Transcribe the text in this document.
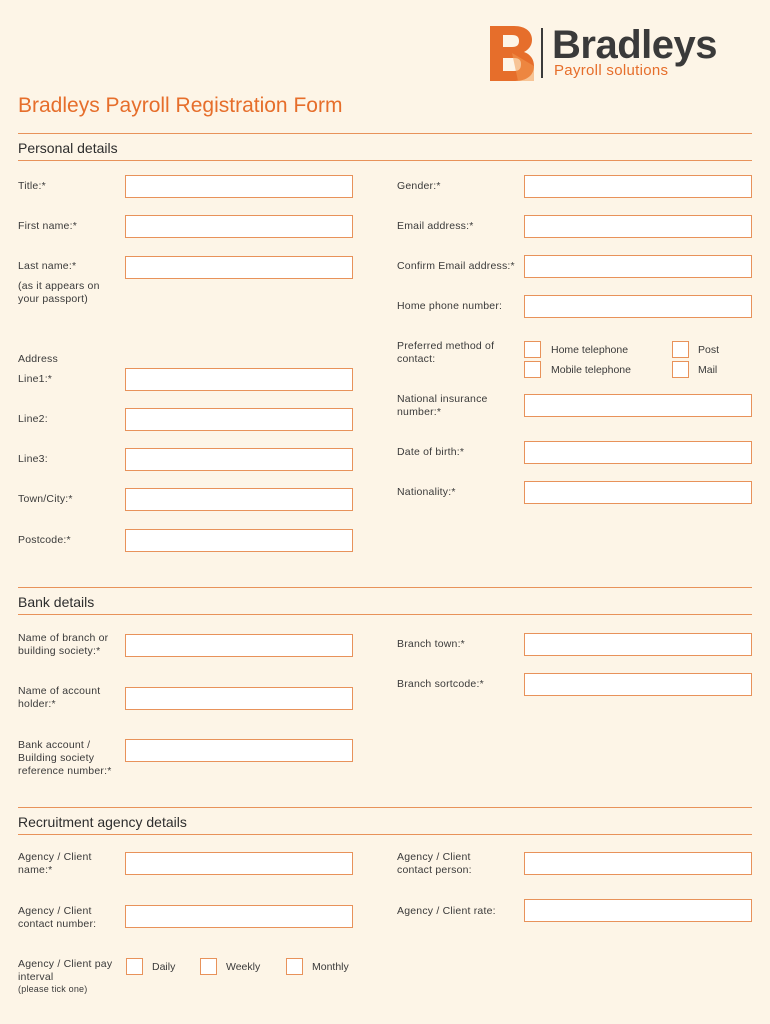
Bradleys
Payroll solutions
Bradleys Payroll Registration Form
Personal details
Title:*
First name:*
Last name:*
(as it appears on
your passport)
Address
Line1:*
Line2:
Line3:
Town/City:*
Postcode:*
Gender:*
Email address:*
Confirm Email address:*
Home phone number:
Preferred method of
contact:
Home telephone	Post
Mobile telephone	Mail
National insurance
number:*
Date of birth:*
Nationality:*
Bank details
Name of branch or
building society:*
Name of account
holder:*
Bank account /
Building society
reference number:*
Branch town:*
Branch sortcode:*
Recruitment agency details
Agency / Client
name:*
Agency / Client
contact number:
Agency / Client pay
interval
(please tick one)
Daily	Weekly	Monthly
Agency / Client
contact person:
Agency / Client rate:
